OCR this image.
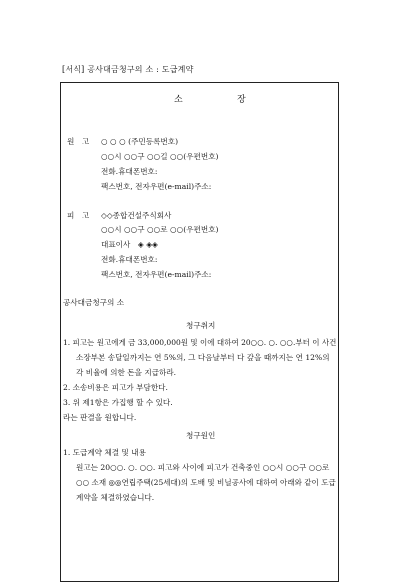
[서식] 공사대금청구의 소 : 도급계약
소	장
원　고 ○ ○ ○ (주민등록번호)
○○시 ○○구 ○○길 ○○(우편번호)
전화․휴대폰번호:
팩스번호, 전자우편(e-mail)주소:
피　고 ◇◇종합건설주식회사
○○시 ○○구 ○○로 ○○(우편번호)
대표이사　◈ ◈◈
전화․휴대폰번호:
팩스번호, 전자우편(e-mail)주소:
공사대금청구의 소
청구취지
1. 피고는 원고에게 금 33,000,000원 및 이에 대하여 20○○. ○. ○○.부터 이 사건
소장부본 송달일까지는 연 5%의, 그 다음날부터 다 갚을 때까지는 연 12%의
각 비율에 의한 돈을 지급하라.
2. 소송비용은 피고가 부담한다.
3. 위 제1항은 가집행 할 수 있다.
라는 판결을 원합니다.
청구원인
1. 도급계약 체결 및 내용
원고는 20○○. ○. ○○. 피고와 사이에 피고가 건축중인 ○○시 ○○구 ○○로
○○ 소재 ◎◎연립주택(25세대)의 도배 및 비닐공사에 대하여 아래와 같이 도급
계약을 체결하였습니다.
